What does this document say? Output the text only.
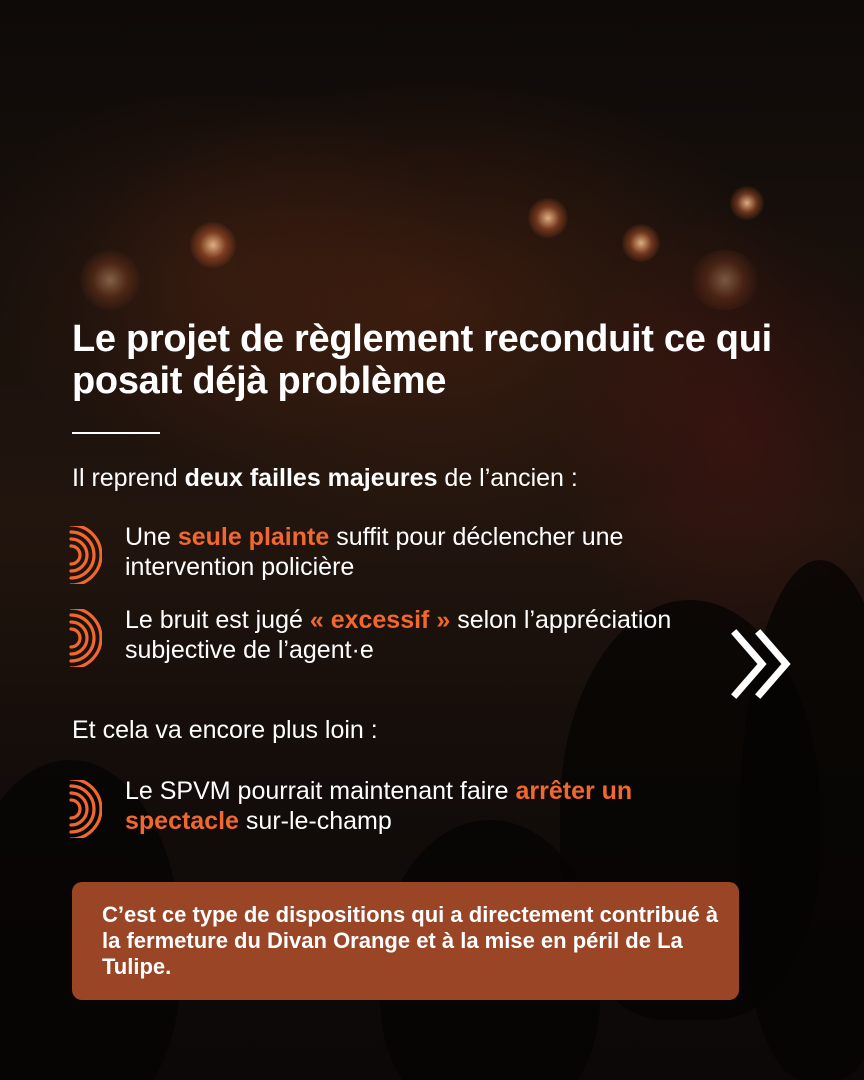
Le projet de règlement reconduit ce qui posait déjà problème
Il reprend deux failles majeures de l’ancien :
Une seule plainte suffit pour déclencher une intervention policière
Le bruit est jugé « excessif » selon l’appréciation subjective de l’agent·e
Et cela va encore plus loin :
Le SPVM pourrait maintenant faire arrêter un spectacle sur-le-champ
C’est ce type de dispositions qui a directement contribué à la fermeture du Divan Orange et à la mise en péril de La Tulipe.
